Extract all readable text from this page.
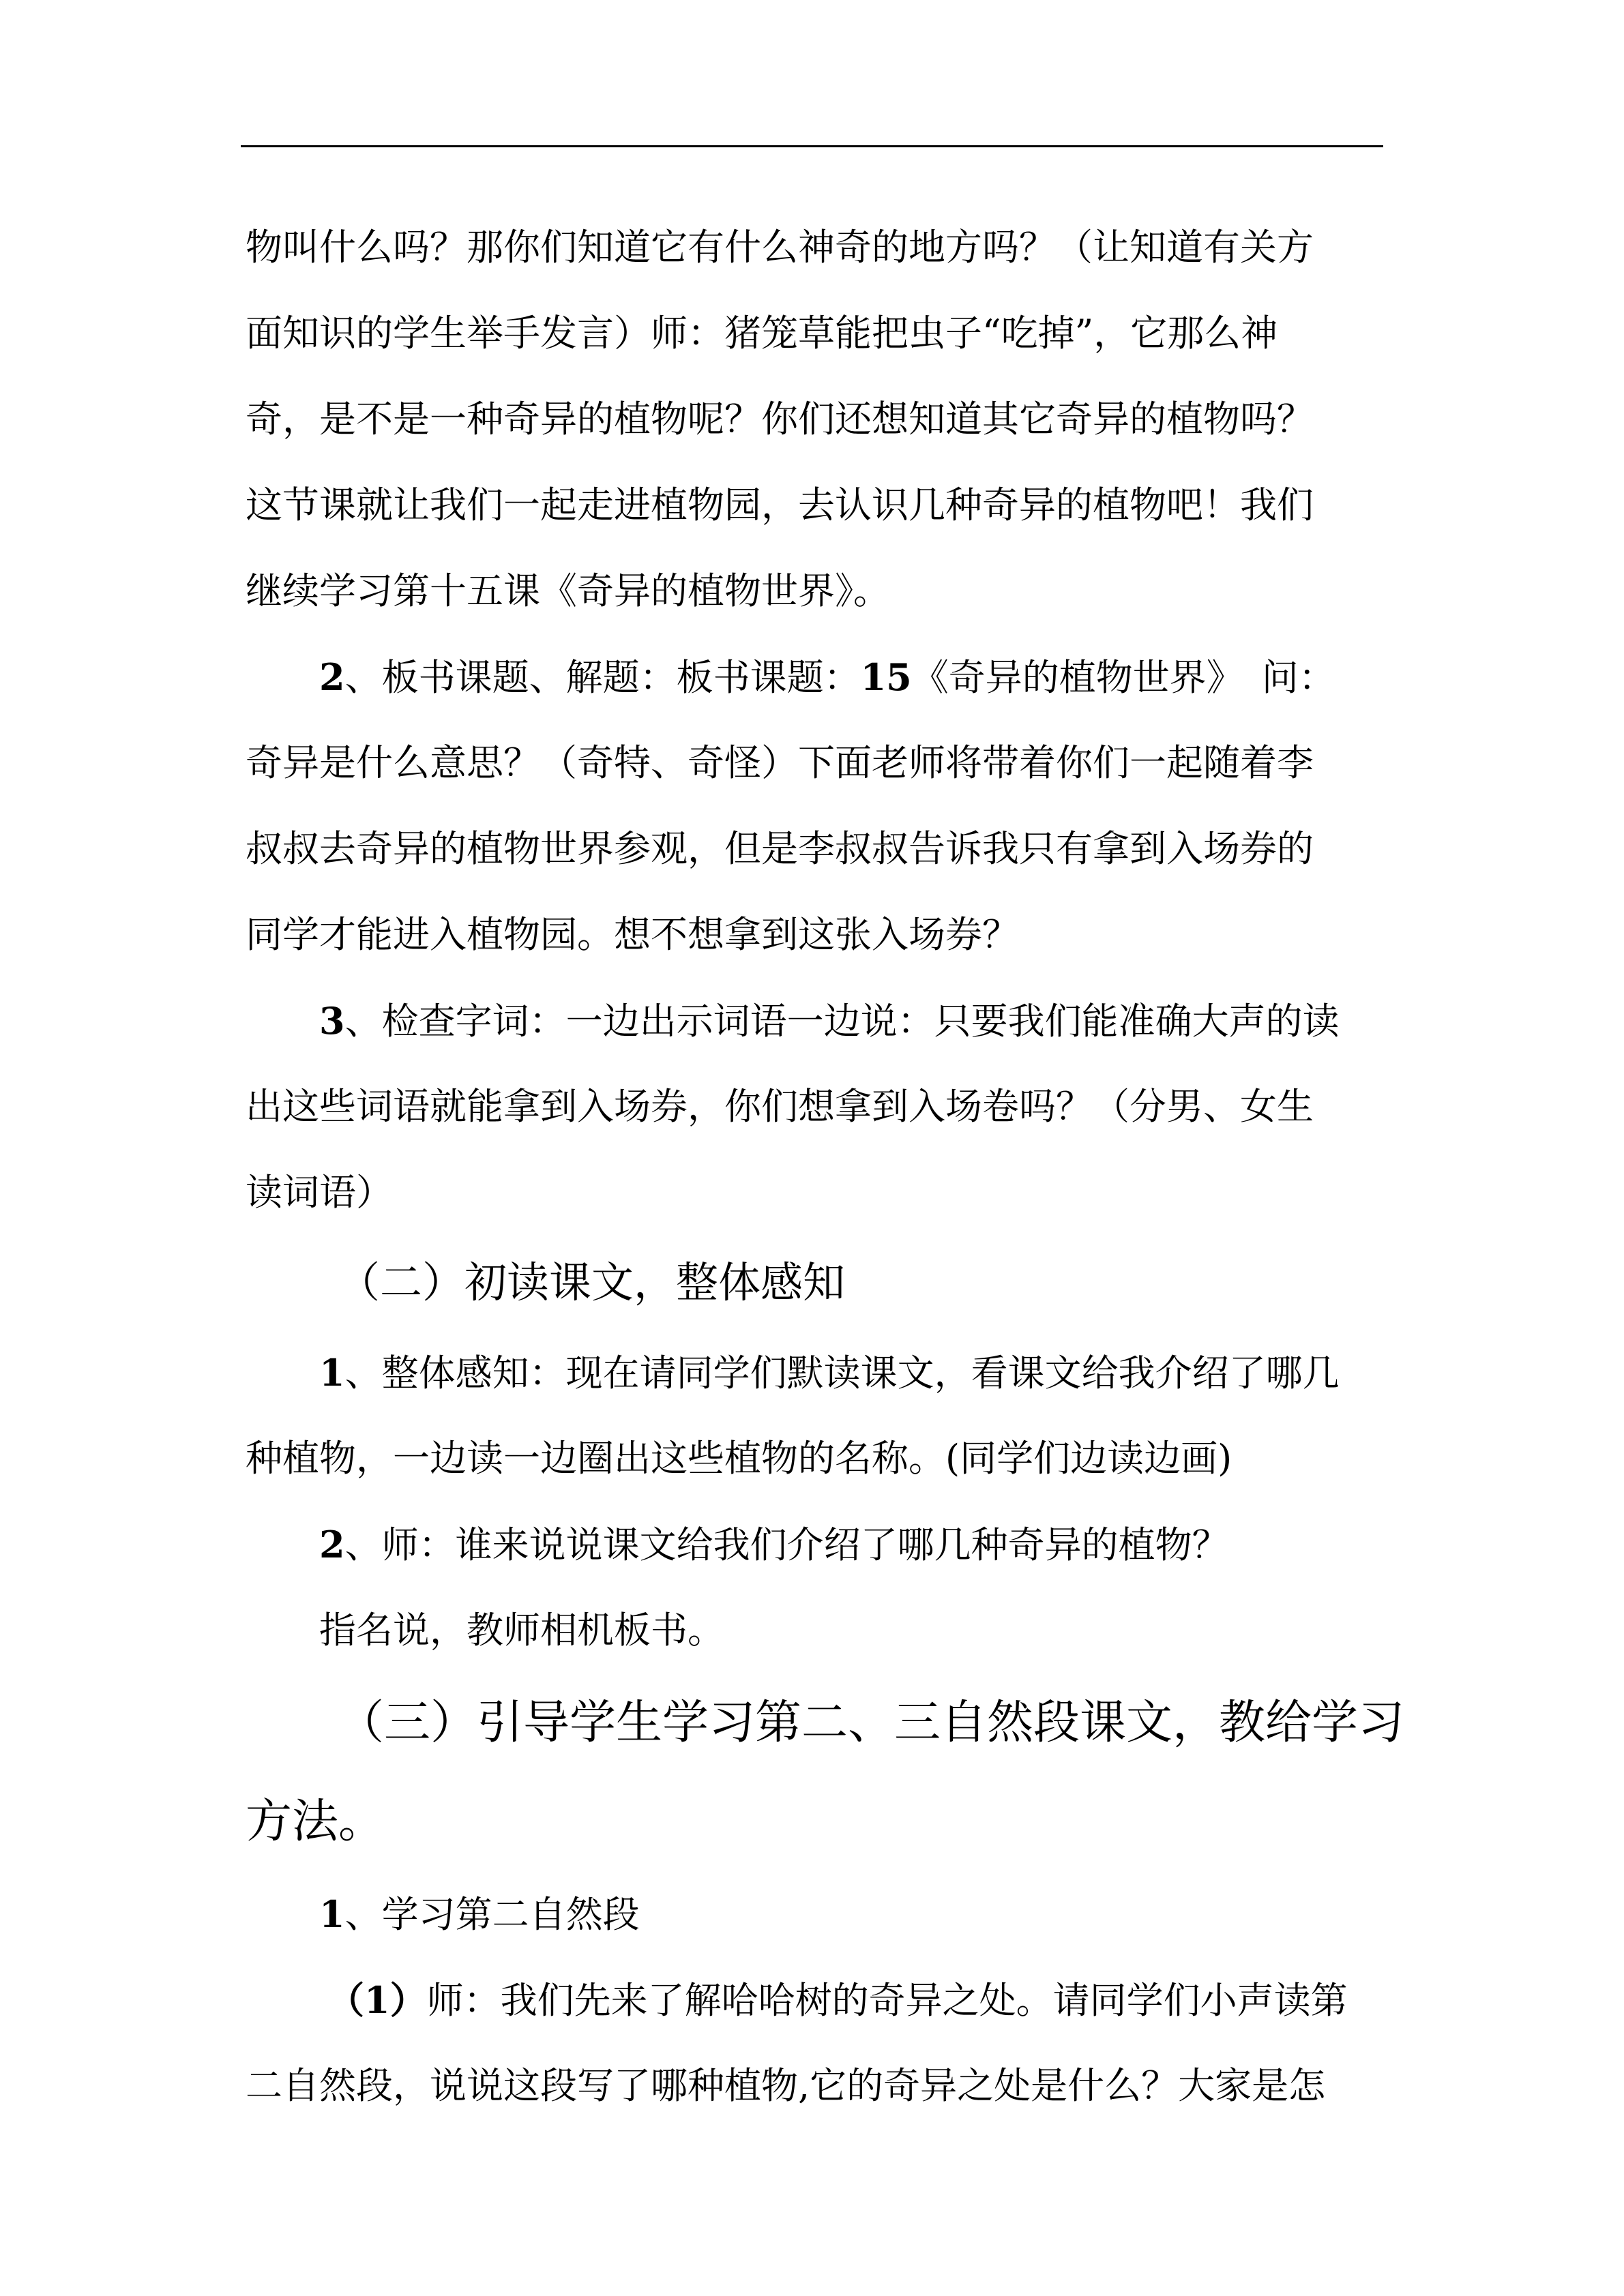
物叫什么吗？那你们知道它有什么神奇的地方吗？（让知道有关方
面知识的学生举手发言）师：猪笼草能把虫子“吃掉”，它那么神
奇，是不是一种奇异的植物呢？你们还想知道其它奇异的植物吗？
这节课就让我们一起走进植物园，去认识几种奇异的植物吧！我们
继续学习第十五课《奇异的植物世界》。
2、板书课题、解题：板书课题：15《奇异的植物世界》　问：
奇异是什么意思？（奇特、奇怪）下面老师将带着你们一起随着李
叔叔去奇异的植物世界参观，但是李叔叔告诉我只有拿到入场券的
同学才能进入植物园。想不想拿到这张入场券？
3、检查字词：一边出示词语一边说：只要我们能准确大声的读
出这些词语就能拿到入场券，你们想拿到入场卷吗？（分男、女生
读词语）
（二）初读课文，整体感知
1、整体感知：现在请同学们默读课文，看课文给我介绍了哪几
种植物，一边读一边圈出这些植物的名称。(同学们边读边画)
2、师：谁来说说课文给我们介绍了哪几种奇异的植物？
指名说，教师相机板书。
（三）引导学生学习第二、三自然段课文，教给学习
方法。
1、学习第二自然段
（1）师：我们先来了解哈哈树的奇异之处。请同学们小声读第
二自然段，说说这段写了哪种植物,它的奇异之处是什么？大家是怎
